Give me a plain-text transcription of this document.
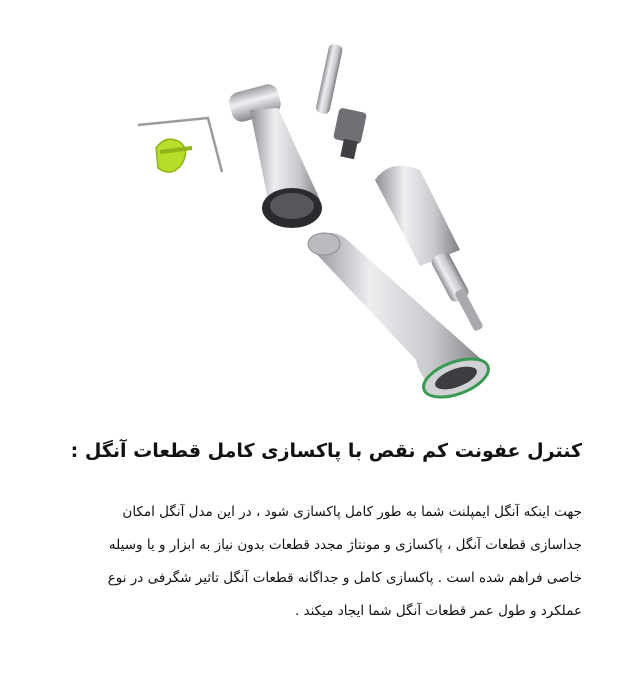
کنترل عفونت کم نقص با پاکسازی کامل قطعات آنگل :
جهت اینکه آنگل ایمپلنت شما به طور کامل پاکسازی شود ، در این مدل آنگل امکان
جداسازی قطعات آنگل ، پاکسازی و مونتاژ مجدد قطعات بدون نیاز به ابزار و یا وسیله
خاصی فراهم شده است . پاکسازی کامل و جداگانه قطعات آنگل تاثیر شگرفی در نوع
عملکرد و طول عمر قطعات آنگل شما ایجاد میکند .
